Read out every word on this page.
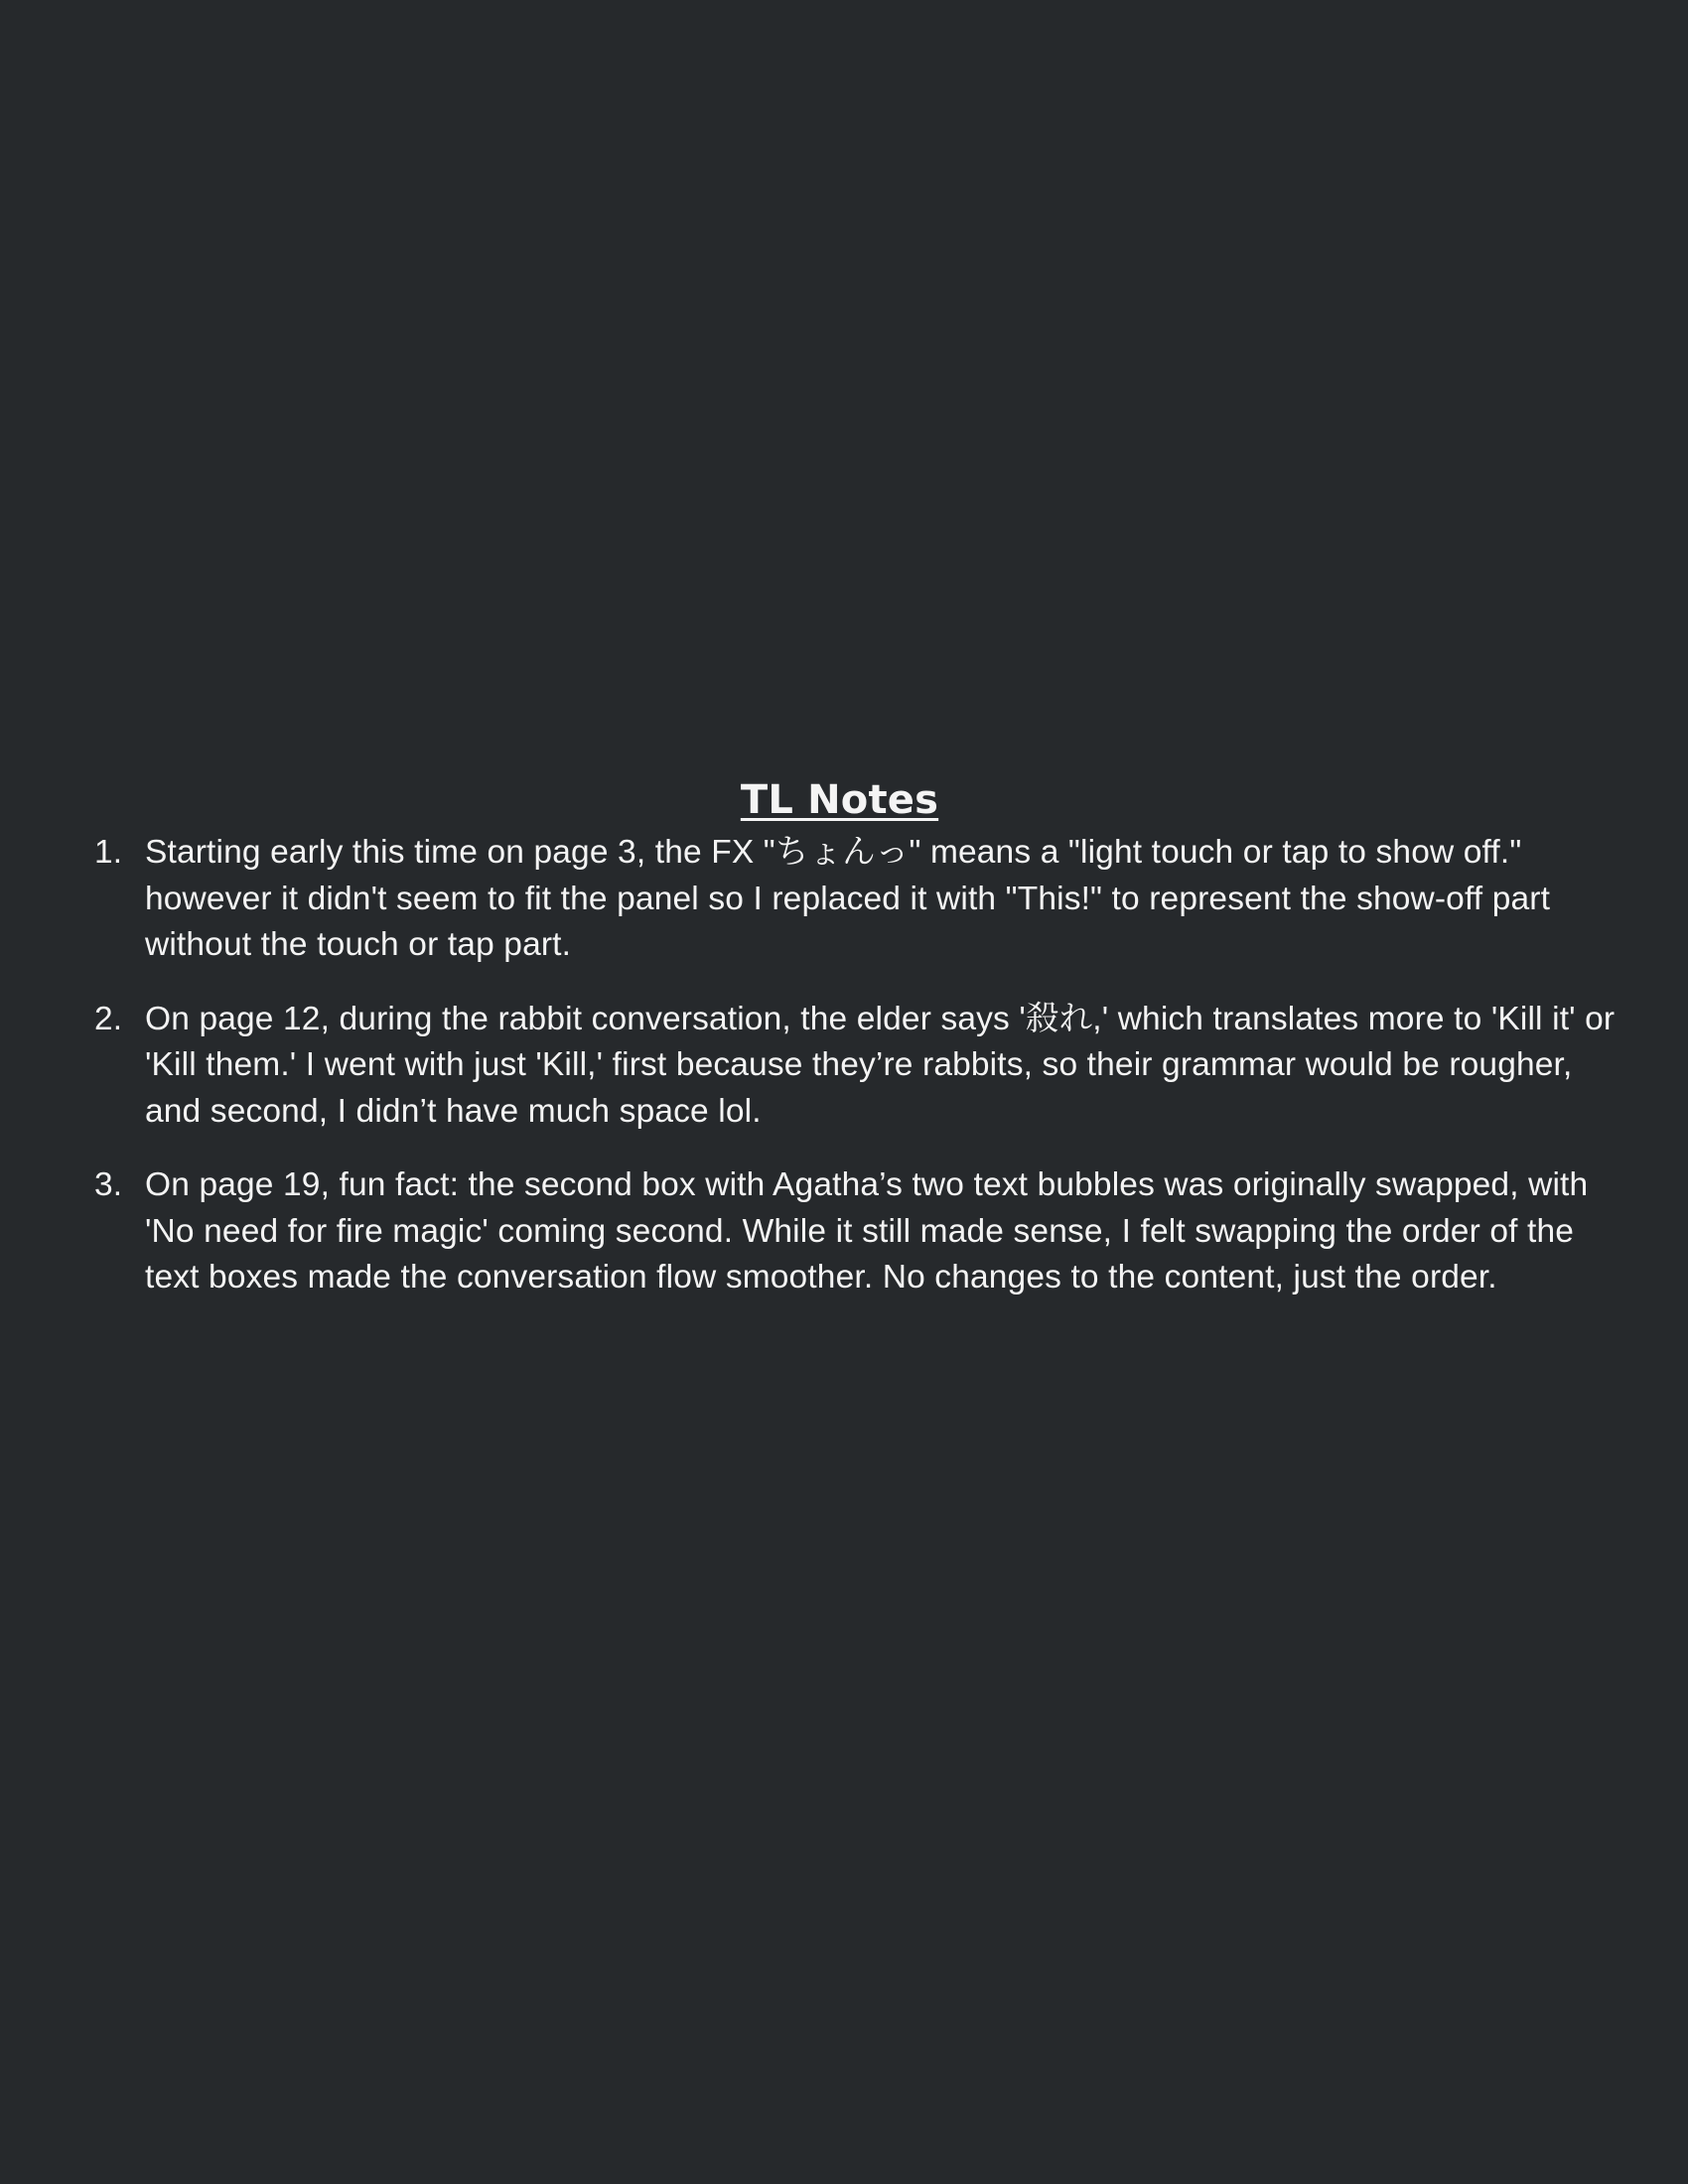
TL Notes
1. Starting early this time on page 3, the FX "ちょんっ" means a "light touch or tap to show off." however it didn't seem to fit the panel so I replaced it with "This!" to represent the show-off part without the touch or tap part.
2. On page 12, during the rabbit conversation, the elder says '殺れ,' which translates more to 'Kill it' or 'Kill them.' I went with just 'Kill,' first because they’re rabbits, so their grammar would be rougher, and second, I didn’t have much space lol.
3. On page 19, fun fact: the second box with Agatha’s two text bubbles was originally swapped, with 'No need for fire magic' coming second. While it still made sense, I felt swapping the order of the text boxes made the conversation flow smoother. No changes to the content, just the order.
